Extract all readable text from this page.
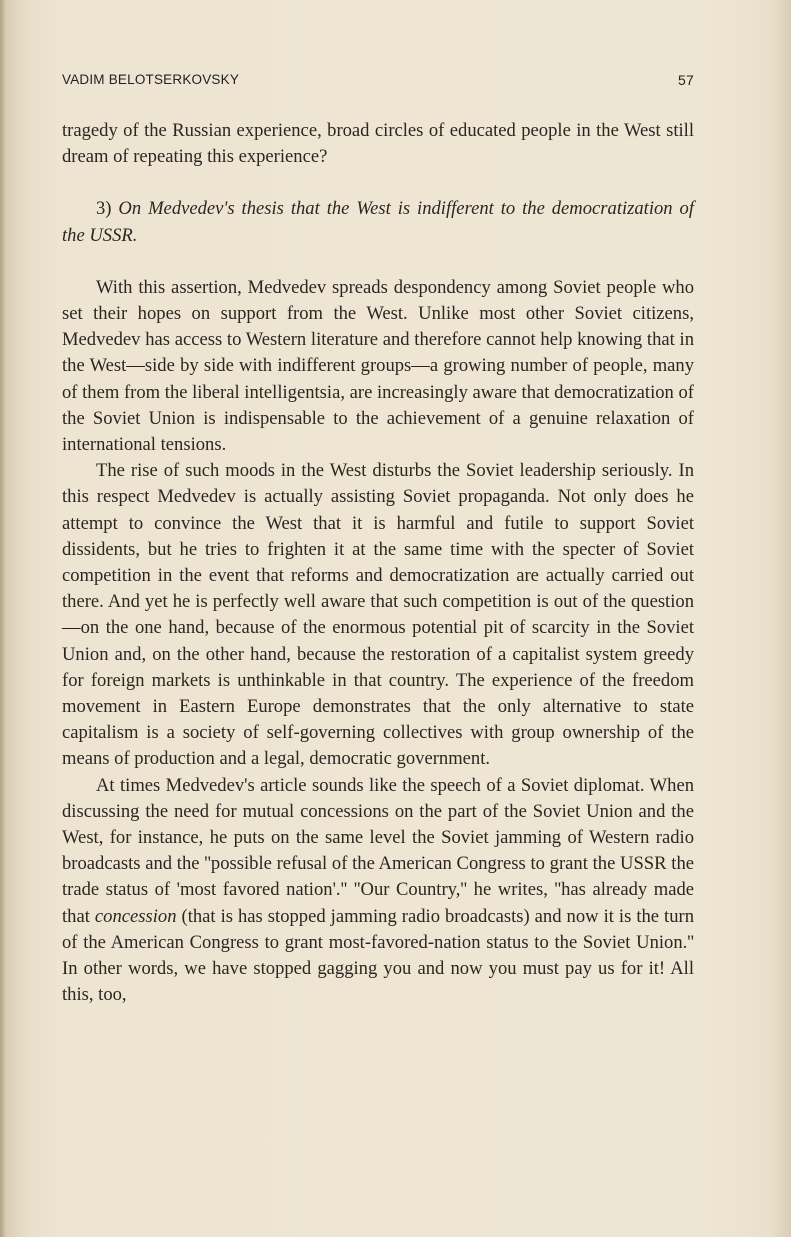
VADIM BELOTSERKOVSKY	57

tragedy of the Russian experience, broad circles of educated people in the West still dream of repeating this experience?

3) On Medvedev's thesis that the West is indifferent to the democratization of the USSR.

With this assertion, Medvedev spreads despondency among Soviet people who set their hopes on support from the West. Unlike most other Soviet citizens, Medvedev has access to Western literature and therefore cannot help knowing that in the West—side by side with indifferent groups—a growing number of people, many of them from the liberal intelligentsia, are increasingly aware that democratization of the Soviet Union is indispensable to the achievement of a genuine relaxation of international tensions.

The rise of such moods in the West disturbs the Soviet leadership seriously. In this respect Medvedev is actually assisting Soviet propaganda. Not only does he attempt to convince the West that it is harmful and futile to support Soviet dissidents, but he tries to frighten it at the same time with the specter of Soviet competition in the event that reforms and democratization are actually carried out there. And yet he is perfectly well aware that such competition is out of the question—on the one hand, because of the enormous potential pit of scarcity in the Soviet Union and, on the other hand, because the restoration of a capitalist system greedy for foreign markets is unthinkable in that country. The experience of the freedom movement in Eastern Europe demonstrates that the only alternative to state capitalism is a society of self-governing collectives with group ownership of the means of production and a legal, democratic government.

At times Medvedev's article sounds like the speech of a Soviet diplomat. When discussing the need for mutual concessions on the part of the Soviet Union and the West, for instance, he puts on the same level the Soviet jamming of Western radio broadcasts and the ''possible refusal of the American Congress to grant the USSR the trade status of 'most favored nation'.'' ''Our Country,'' he writes, ''has already made that concession (that is has stopped jamming radio broadcasts) and now it is the turn of the American Congress to grant most-favored-nation status to the Soviet Union.'' In other words, we have stopped gagging you and now you must pay us for it! All this, too,
